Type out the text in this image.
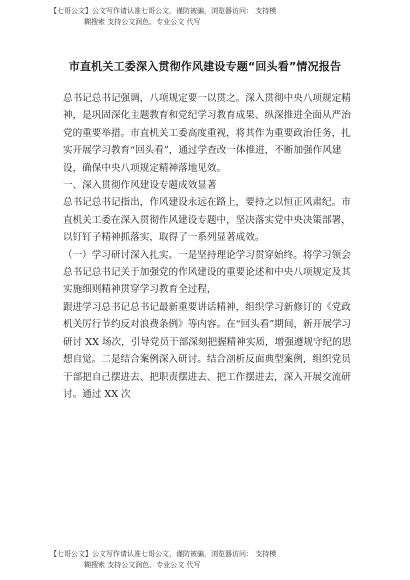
【七哥公文】公文写作请认准七哥公文，谨防被骗，浏览器访问： 支持模
糊搜索 支持公文润色、专业公文 代写
市直机关工委深入贯彻作风建设专题“回头看”情况报告

总书记总书记强调，八项规定要一以贯之。深入贯彻中央八项规定精神，是巩固深化主题教育和党纪学习教育成果、纵深推进全面从严治党的重要举措。市直机关工委高度重视，将其作为重要政治任务，扎实开展学习教育“回头看”，通过学查改一体推进，不断加强作风建设，确保中央八项规定精神落地见效。

一、深入贯彻作风建设专题成效显著

总书记总书记指出，作风建设永远在路上，要持之以恒正风肃纪。市直机关工委在深入贯彻作风建设专题中，坚决落实党中央决策部署，以钉钉子精神抓落实，取得了一系列显著成效。

（一）学习研讨深入扎实。一是坚持理论学习贯穿始终。将学习领会总书记总书记关于加强党的作风建设的重要论述和中央八项规定及其实施细则精神贯穿学习教育全过程，

跟进学习总书记总书记最新重要讲话精神，组织学习新修订的《党政机关厉行节约反对浪费条例》等内容。在“回头看”期间，新开展学习研讨 XX 场次，引导党员干部深刻把握精神实质，增强遵规守纪的思想自觉。二是结合案例深入研讨。结合剖析反面典型案例，组织党员干部把自己摆进去、把职责摆进去、把工作摆进去，深入开展交流研讨。通过 XX 次

【七哥公文】公文写作请认准七哥公文，谨防被骗，浏览器访问： 支持模
糊搜索 支持公文润色、专业公文 代写
